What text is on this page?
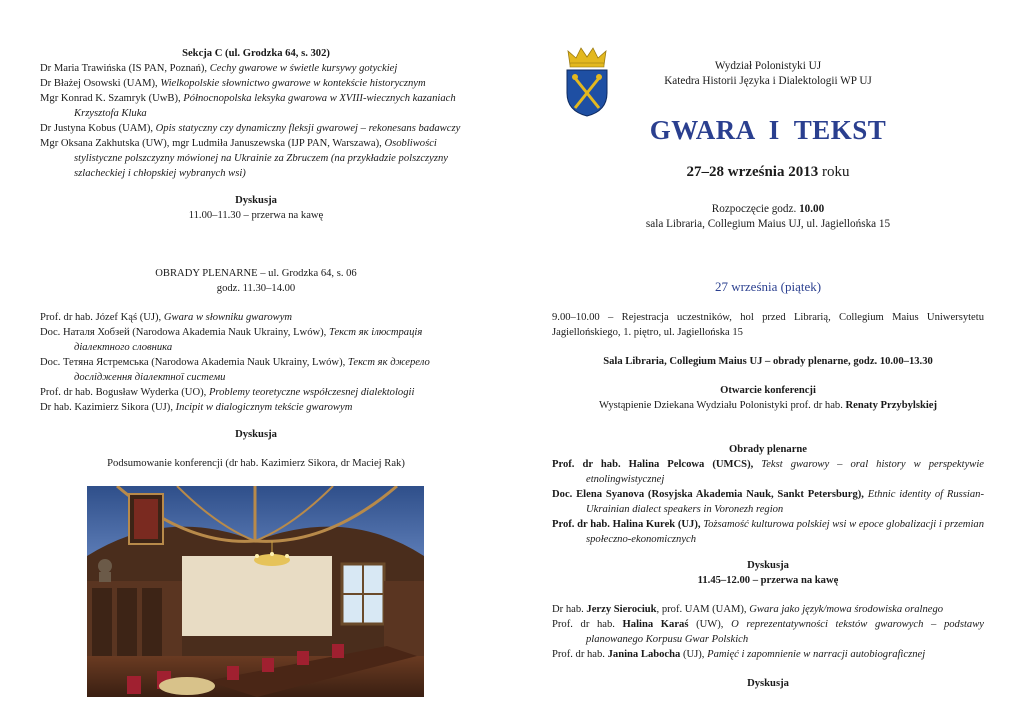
Sekcja C (ul. Grodzka 64, s. 302)
Dr Maria Trawińska (IS PAN, Poznań), Cechy gwarowe w świetle kursywy gotyckiej
Dr Błażej Osowski (UAM), Wielkopolskie słownictwo gwarowe w kontekście historycznym
Mgr Konrad K. Szamryk (UwB), Północnopolska leksyka gwarowa w XVIII-wiecznych kazaniach Krzysztofa Kluka
Dr Justyna Kobus (UAM), Opis statyczny czy dynamiczny fleksji gwarowej – rekonesans badawczy
Mgr Oksana Zakhutska (UW), mgr Ludmiła Januszewska (IJP PAN, Warszawa), Osobliwości stylistyczne polszczyzny mówionej na Ukrainie za Zbruczem (na przykładzie polszczyzny szlacheckiej i chłopskiej wybranych wsi)
Dyskusja
11.00–11.30 – przerwa na kawę
OBRADY PLENARNE – ul. Grodzka 64, s. 06
godz. 11.30–14.00
Prof. dr hab. Józef Kąś (UJ), Gwara w słowniku gwarowym
Doc. Наталя Хобзей (Narodowa Akademia Nauk Ukrainy, Lwów), Текст як ілюстрація діалектного словника
Doc. Тетяна Ястремська (Narodowa Akademia Nauk Ukrainy, Lwów), Текст як джерело дослідження діалектної системи
Prof. dr hab. Bogusław Wyderka (UO), Problemy teoretyczne współczesnej dialektologii
Dr hab. Kazimierz Sikora (UJ), Incipit w dialogicznym tekście gwarowym
Dyskusja
Podsumowanie konferencji (dr hab. Kazimierz Sikora, dr Maciej Rak)
Wydział Polonistyki UJ
Katedra Historii Języka i Dialektologii WP UJ
GWARA  I  TEKST
27–28 września 2013 roku
Rozpoczęcie godz. 10.00
sala Libraria, Collegium Maius UJ, ul. Jagiellońska 15
27 września (piątek)
9.00–10.00 – Rejestracja uczestników, hol przed Librarią, Collegium Maius Uniwersytetu Jagiellońskiego, 1. piętro, ul. Jagiellońska 15
Sala Libraria, Collegium Maius UJ – obrady plenarne, godz. 10.00–13.30
Otwarcie konferencji
Wystąpienie Dziekana Wydziału Polonistyki prof. dr hab. Renaty Przybylskiej
Obrady plenarne
Prof. dr hab. Halina Pelcowa (UMCS), Tekst gwarowy – oral history w perspektywie etnolingwistycznej
Doc. Elena Syanova (Rosyjska Akademia Nauk, Sankt Petersburg), Ethnic identity of Russian-Ukrainian dialect speakers in Voronezh region
Prof. dr hab. Halina Kurek (UJ), Tożsamość kulturowa polskiej wsi w epoce globalizacji i przemian społeczno-ekonomicznych
Dyskusja
11.45–12.00 – przerwa na kawę
Dr hab. Jerzy Sierociuk, prof. UAM (UAM), Gwara jako język/mowa środowiska oralnego
Prof. dr hab. Halina Karaś (UW), O reprezentatywności tekstów gwarowych – podstawy planowanego Korpusu Gwar Polskich
Prof. dr hab. Janina Labocha (UJ), Pamięć i zapomnienie w narracji autobiograficznej
Dyskusja
